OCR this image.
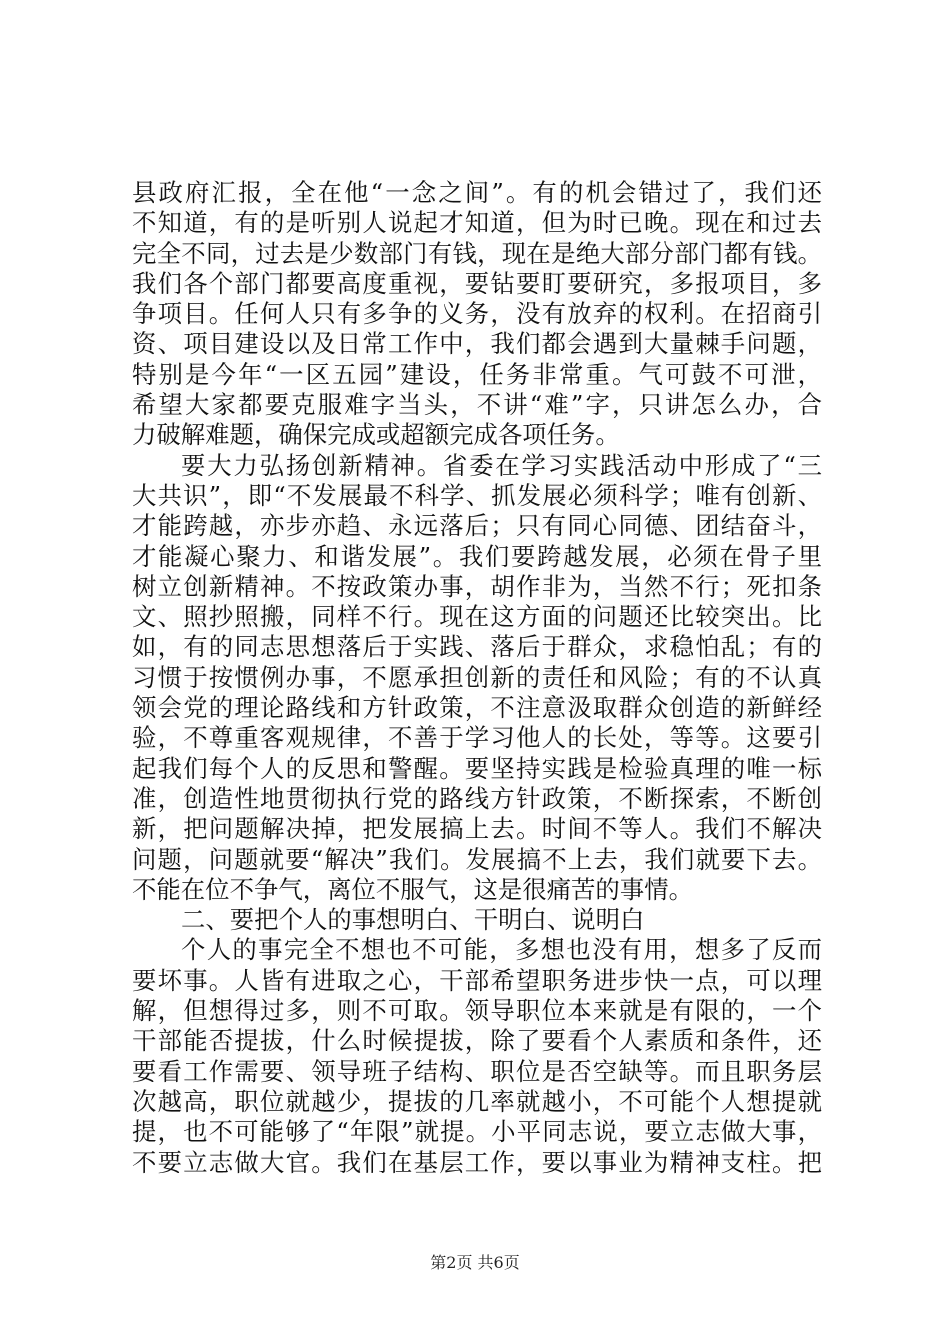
县政府汇报，全在他“一念之间”。有的机会错过了，我们还
不知道，有的是听别人说起才知道，但为时已晚。现在和过去
完全不同，过去是少数部门有钱，现在是绝大部分部门都有钱。
我们各个部门都要高度重视，要钻要盯要研究，多报项目，多
争项目。任何人只有多争的义务，没有放弃的权利。在招商引
资、项目建设以及日常工作中，我们都会遇到大量棘手问题，
特别是今年“一区五园”建设，任务非常重。气可鼓不可泄，
希望大家都要克服难字当头，不讲“难”字，只讲怎么办，合
力破解难题，确保完成或超额完成各项任务。
要大力弘扬创新精神。省委在学习实践活动中形成了“三
大共识”，即“不发展最不科学、抓发展必须科学；唯有创新、
才能跨越，亦步亦趋、永远落后；只有同心同德、团结奋斗，
才能凝心聚力、和谐发展”。我们要跨越发展，必须在骨子里
树立创新精神。不按政策办事，胡作非为，当然不行；死扣条
文、照抄照搬，同样不行。现在这方面的问题还比较突出。比
如，有的同志思想落后于实践、落后于群众，求稳怕乱；有的
习惯于按惯例办事，不愿承担创新的责任和风险；有的不认真
领会党的理论路线和方针政策，不注意汲取群众创造的新鲜经
验，不尊重客观规律，不善于学习他人的长处，等等。这要引
起我们每个人的反思和警醒。要坚持实践是检验真理的唯一标
准，创造性地贯彻执行党的路线方针政策，不断探索，不断创
新，把问题解决掉，把发展搞上去。时间不等人。我们不解决
问题，问题就要“解决”我们。发展搞不上去，我们就要下去。
不能在位不争气，离位不服气，这是很痛苦的事情。
二、要把个人的事想明白、干明白、说明白
个人的事完全不想也不可能，多想也没有用，想多了反而
要坏事。人皆有进取之心，干部希望职务进步快一点，可以理
解，但想得过多，则不可取。领导职位本来就是有限的，一个
干部能否提拔，什么时候提拔，除了要看个人素质和条件，还
要看工作需要、领导班子结构、职位是否空缺等。而且职务层
次越高，职位就越少，提拔的几率就越小，不可能个人想提就
提，也不可能够了“年限”就提。小平同志说，要立志做大事，
不要立志做大官。我们在基层工作，要以事业为精神支柱。把
第2页 共6页
